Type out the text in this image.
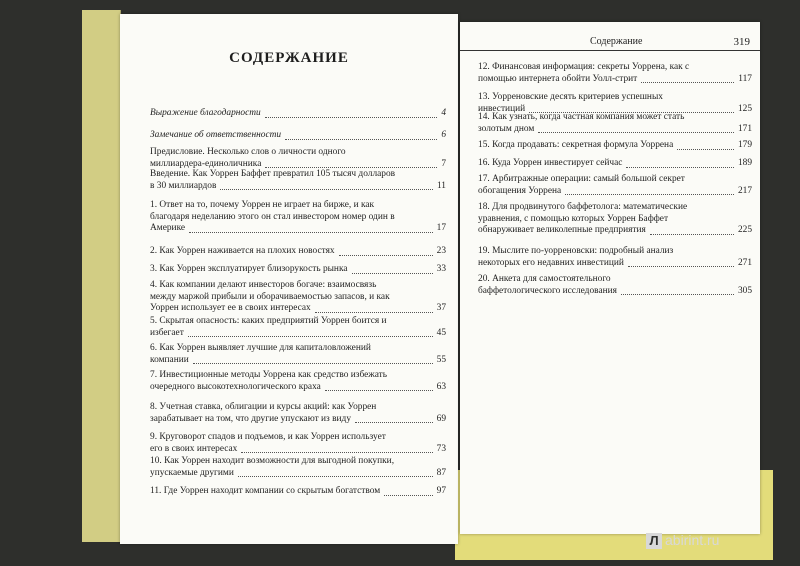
СОДЕРЖАНИЕ
Выражение благодарности	4
Замечание об ответственности	6
Предисловие. Несколько слов о личности одного миллиардера-единоличника	7
Введение. Как Уоррен Баффет превратил 105 тысяч долларов в 30 миллиардов	11
1. Ответ на то, почему Уоррен не играет на бирже, и как благодаря неделанию этого он стал инвестором номер один в Америке	17
2. Как Уоррен наживается на плохих новостях	23
3. Как Уоррен эксплуатирует близорукость рынка	33
4. Как компании делают инвесторов богаче: взаимосвязь между маржой прибыли и оборачиваемостью запасов, и как Уоррен использует ее в своих интересах	37
5. Скрытая опасность: каких предприятий Уоррен боится и избегает	45
6. Как Уоррен выявляет лучшие для капиталовложений компании	55
7. Инвестиционные методы Уоррена как средство избежать очередного высокотехнологического краха	63
8. Учетная ставка, облигации и курсы акций: как Уоррен зарабатывает на том, что другие упускают из виду	69
9. Круговорот спадов и подъемов, и как Уоррен использует его в своих интересах	73
10. Как Уоррен находит возможности для выгодной покупки, упускаемые другими	87
11. Где Уоррен находит компании со скрытым богатством	97
Содержание	319
12. Финансовая информация: секреты Уоррена, как с помощью интернета обойти Уолл-стрит	117
13. Уорреновские десять критериев успешных инвестиций	125
14. Как узнать, когда частная компания может стать золотым дном	171
15. Когда продавать: секретная формула Уоррена	179
16. Куда Уоррен инвестирует сейчас	189
17. Арбитражные операции: самый большой секрет обогащения Уоррена	217
18. Для продвинутого баффетолога: математические уравнения, с помощью которых Уоррен Баффет обнаруживает великолепные предприятия	225
19. Мыслите по-уорреновски: подробный анализ некоторых его недавних инвестиций	271
20. Анкета для самостоятельного баффетологического исследования	305
Л abirint.ru
